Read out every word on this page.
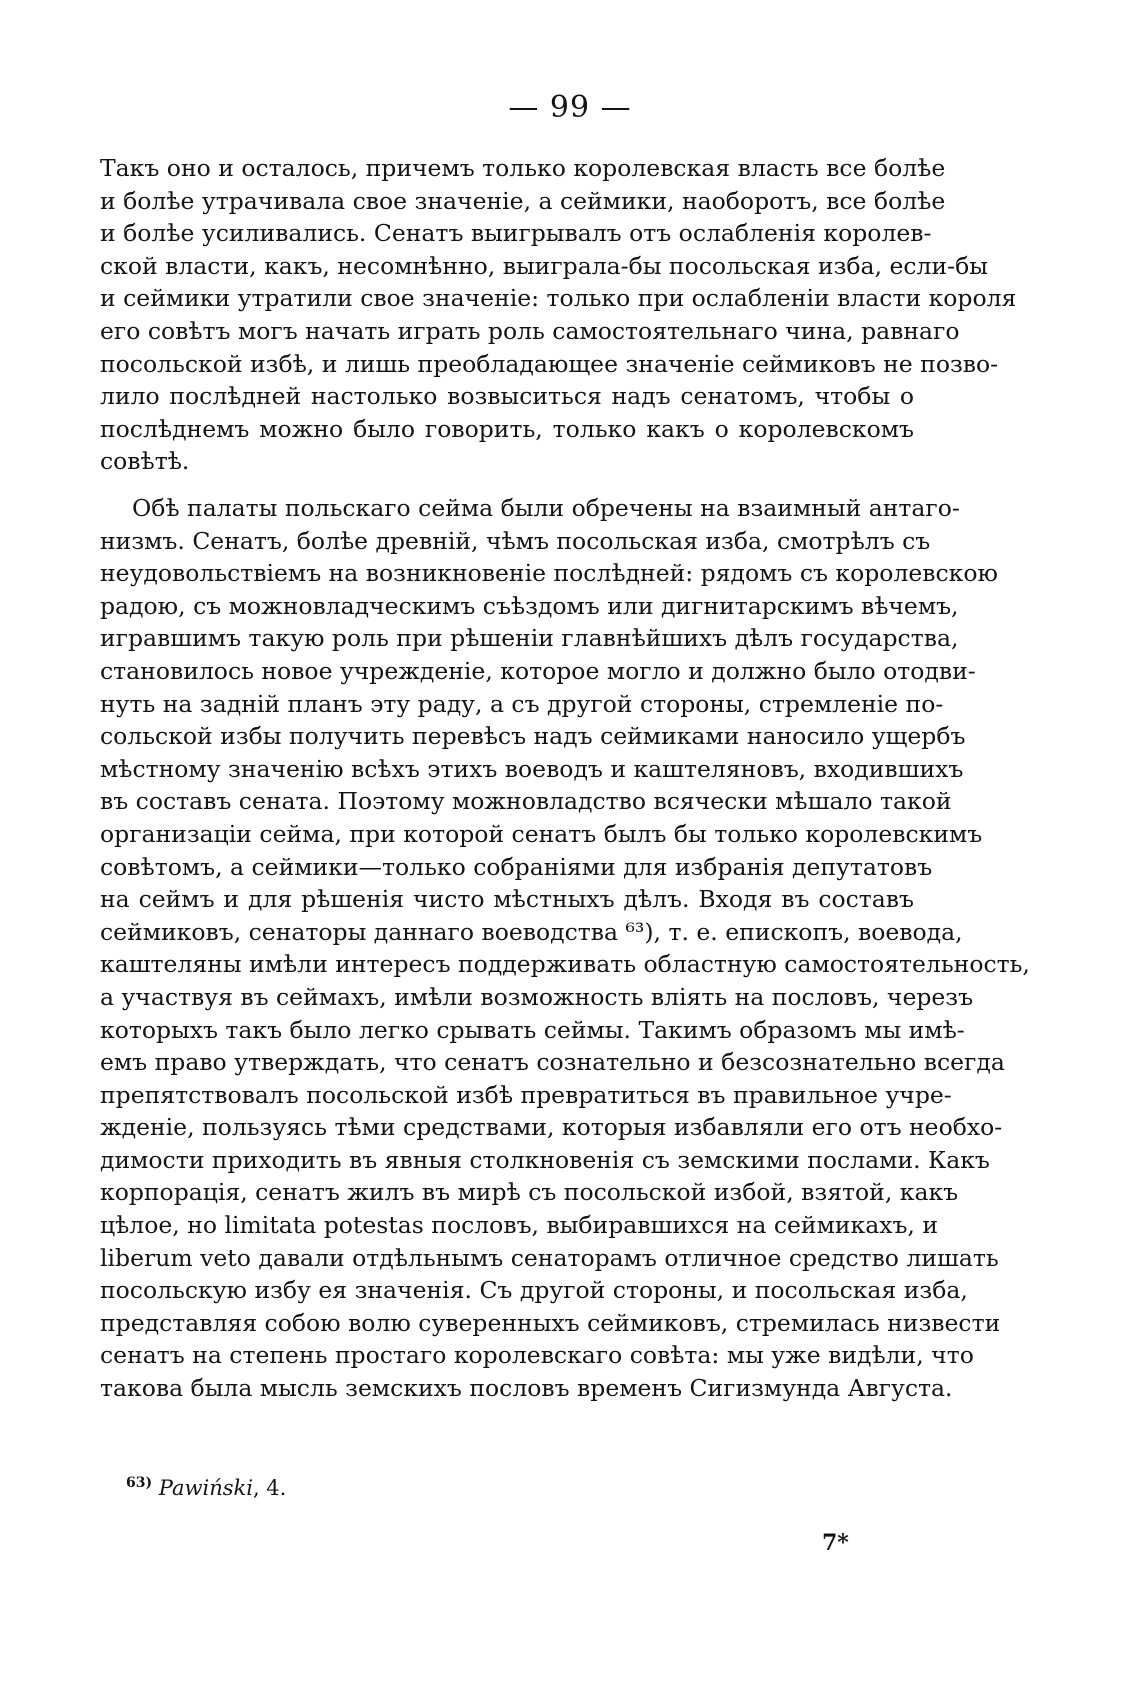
— 99 —
Такъ оно и осталось, причемъ только королевская власть все болѣе
и болѣе утрачивала свое значенiе, а сеймики, наоборотъ, все болѣе
и болѣе усиливались. Сенатъ выигрывалъ отъ ослабленiя королев-
ской власти, какъ, несомнѣнно, выиграла-бы посольская изба, если-бы
и сеймики утратили свое значенiе: только при ослабленiи власти короля
его совѣтъ могъ начать играть роль самостоятельнаго чина, равнаго
посольской избѣ, и лишь преобладающее значенiе сеймиковъ не позво-
лило послѣдней настолько возвыситься надъ сенатомъ, чтобы о
послѣднемъ можно было говорить, только какъ о королевскомъ
совѣтѣ.
Обѣ палаты польскаго сейма были обречены на взаимный антаго-
низмъ. Сенатъ, болѣе древнiй, чѣмъ посольская изба, смотрѣлъ съ
неудовольствiемъ на возникновенiе послѣдней: рядомъ съ королевскою
радою, съ можновладческимъ съѣздомъ или дигнитарскимъ вѣчемъ,
игравшимъ такую роль при рѣшенiи главнѣйшихъ дѣлъ государства,
становилось новое учрежденiе, которое могло и должно было отодви-
нуть на заднiй планъ эту раду, а съ другой стороны, стремленiе по-
сольской избы получить перевѣсъ надъ сеймиками наносило ущербъ
мѣстному значенiю всѣхъ этихъ воеводъ и каштеляновъ, входившихъ
въ составъ сената. Поэтому можновладство всячески мѣшало такой
организацiи сейма, при которой сенатъ былъ бы только королевскимъ
совѣтомъ, а сеймики—только собранiями для избранiя депутатовъ
на сеймъ и для рѣшенiя чисто мѣстныхъ дѣлъ. Входя въ составъ
сеймиковъ, сенаторы даннаго воеводства ⁶³), т. е. епископъ, воевода,
каштеляны имѣли интересъ поддерживать областную самостоятельность,
а участвуя въ сеймахъ, имѣли возможность влiять на пословъ, черезъ
которыхъ такъ было легко срывать сеймы. Такимъ образомъ мы имѣ-
емъ право утверждать, что сенатъ сознательно и безсознательно всегда
препятствовалъ посольской избѣ превратиться въ правильное учре-
жденiе, пользуясь тѣми средствами, которыя избавляли его отъ необхо-
димости приходить въ явныя столкновенiя съ земскими послами. Какъ
корпорацiя, сенатъ жилъ въ мирѣ съ посольской избой, взятой, какъ
цѣлое, но limitata potestas пословъ, выбиравшихся на сеймикахъ, и
liberum veto давали отдѣльнымъ сенаторамъ отличное средство лишать
посольскую избу ея значенiя. Съ другой стороны, и посольская изба,
представляя собою волю суверенныхъ сеймиковъ, стремилась низвести
сенатъ на степень простаго королевскаго совѣта: мы уже видѣли, что
такова была мысль земскихъ пословъ временъ Сигизмунда Августа.
$^{63)}$ Pawiński, 4.
7*
